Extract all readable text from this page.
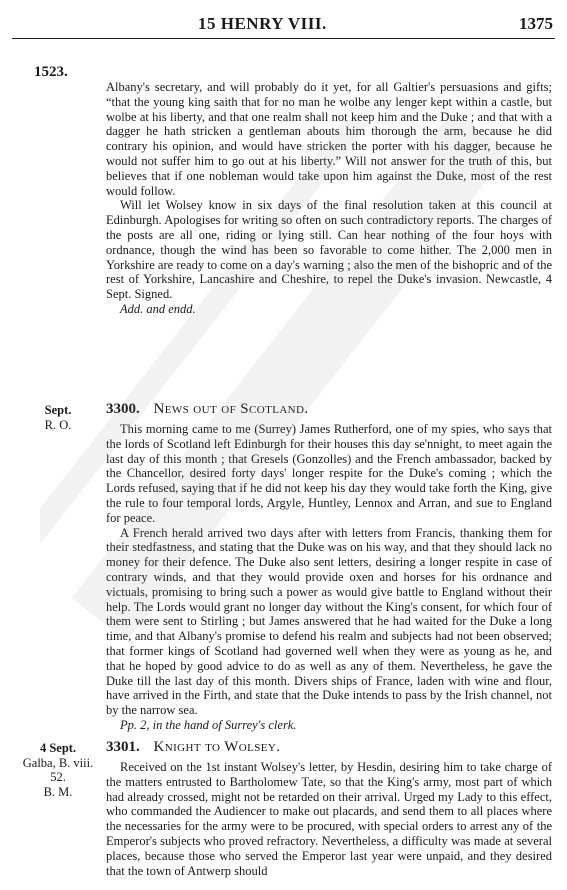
15 HENRY VIII.	1375
1523.

Albany's secretary, and will probably do it yet, for all Galtier's persuasions and gifts; “that the young king saith that for no man he wolbe any lenger kept within a castle, but wolbe at his liberty, and that one realm shall not keep him and the Duke ; and that with a dagger he hath stricken a gentleman abouts him thorough the arm, because he did contrary his opinion, and would have stricken the porter with his dagger, because he would not suffer him to go out at his liberty.” Will not answer for the truth of this, but believes that if one nobleman would take upon him against the Duke, most of the rest would follow.

Will let Wolsey know in six days of the final resolution taken at this council at Edinburgh. Apologises for writing so often on such contradictory reports. The charges of the posts are all one, riding or lying still. Can hear nothing of the four hoys with ordnance, though the wind has been so favorable to come hither. The 2,000 men in Yorkshire are ready to come on a day's warning ; also the men of the bishopric and of the rest of Yorkshire, Lancashire and Cheshire, to repel the Duke's invasion. Newcastle, 4 Sept. Signed.

Add. and endd.

Sept.
R. O.
3300. News out of Scotland.

This morning came to me (Surrey) James Rutherford, one of my spies, who says that the lords of Scotland left Edinburgh for their houses this day se'nnight, to meet again the last day of this month ; that Gresels (Gonzolles) and the French ambassador, backed by the Chancellor, desired forty days' longer respite for the Duke's coming ; which the Lords refused, saying that if he did not keep his day they would take forth the King, give the rule to four temporal lords, Argyle, Huntley, Lennox and Arran, and sue to England for peace.

A French herald arrived two days after with letters from Francis, thanking them for their stedfastness, and stating that the Duke was on his way, and that they should lack no money for their defence. The Duke also sent letters, desiring a longer respite in case of contrary winds, and that they would provide oxen and horses for his ordnance and victuals, promising to bring such a power as would give battle to England without their help. The Lords would grant no longer day without the King's consent, for which four of them were sent to Stirling ; but James answered that he had waited for the Duke a long time, and that Albany's promise to defend his realm and subjects had not been observed; that former kings of Scotland had governed well when they were as young as he, and that he hoped by good advice to do as well as any of them. Nevertheless, he gave the Duke till the last day of this month. Divers ships of France, laden with wine and flour, have arrived in the Firth, and state that the Duke intends to pass by the Irish channel, not by the narrow sea.

Pp. 2, in the hand of Surrey's clerk.

4 Sept.
Galba, B. viii.
52.
B. M.
3301. Knight to Wolsey.

Received on the 1st instant Wolsey's letter, by Hesdin, desiring him to take charge of the matters entrusted to Bartholomew Tate, so that the King's army, most part of which had already crossed, might not be retarded on their arrival. Urged my Lady to this effect, who commanded the Audiencer to make out placards, and send them to all places where the necessaries for the army were to be procured, with special orders to arrest any of the Emperor's subjects who proved refractory. Nevertheless, a difficulty was made at several places, because those who served the Emperor last year were unpaid, and they desired that the town of Antwerp should
